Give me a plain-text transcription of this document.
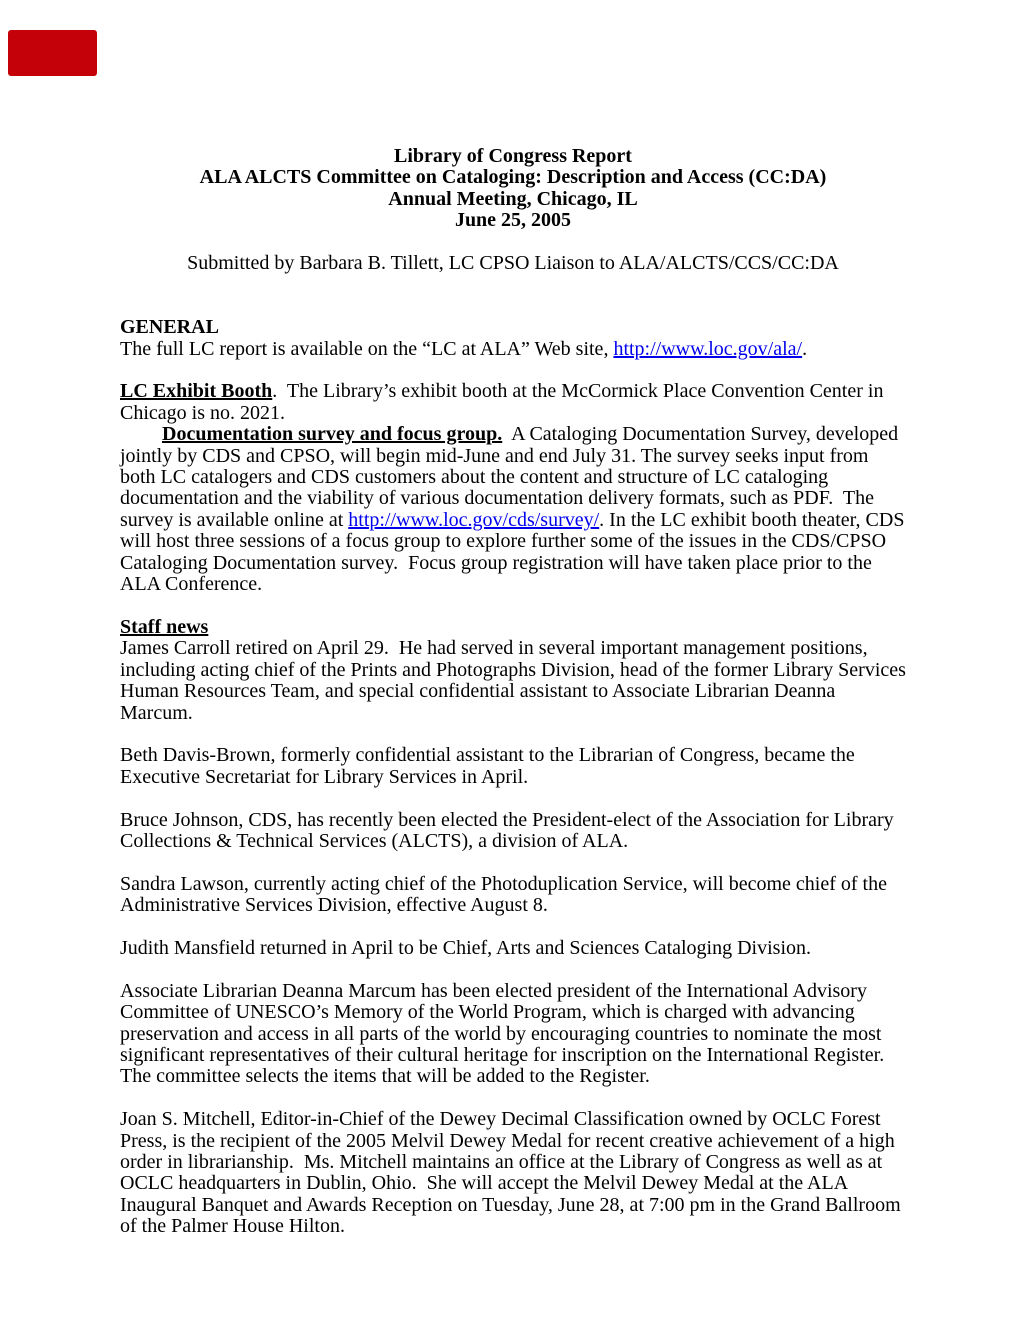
Library of Congress Report
ALA ALCTS Committee on Cataloging: Description and Access (CC:DA)
Annual Meeting, Chicago, IL
June 25, 2005
Submitted by Barbara B. Tillett, LC CPSO Liaison to ALA/ALCTS/CCS/CC:DA
GENERAL
The full LC report is available on the “LC at ALA” Web site, http://www.loc.gov/ala/.
LC Exhibit Booth.  The Library’s exhibit booth at the McCormick Place Convention Center in Chicago is no. 2021.
Documentation survey and focus group.  A Cataloging Documentation Survey, developed jointly by CDS and CPSO, will begin mid-June and end July 31. The survey seeks input from both LC catalogers and CDS customers about the content and structure of LC cataloging documentation and the viability of various documentation delivery formats, such as PDF.  The survey is available online at http://www.loc.gov/cds/survey/. In the LC exhibit booth theater, CDS will host three sessions of a focus group to explore further some of the issues in the CDS/CPSO Cataloging Documentation survey.  Focus group registration will have taken place prior to the ALA Conference.
Staff news
James Carroll retired on April 29.  He had served in several important management positions, including acting chief of the Prints and Photographs Division, head of the former Library Services Human Resources Team, and special confidential assistant to Associate Librarian Deanna Marcum.
Beth Davis-Brown, formerly confidential assistant to the Librarian of Congress, became the Executive Secretariat for Library Services in April.
Bruce Johnson, CDS, has recently been elected the President-elect of the Association for Library Collections & Technical Services (ALCTS), a division of ALA.
Sandra Lawson, currently acting chief of the Photoduplication Service, will become chief of the Administrative Services Division, effective August 8.
Judith Mansfield returned in April to be Chief, Arts and Sciences Cataloging Division.
Associate Librarian Deanna Marcum has been elected president of the International Advisory Committee of UNESCO’s Memory of the World Program, which is charged with advancing preservation and access in all parts of the world by encouraging countries to nominate the most significant representatives of their cultural heritage for inscription on the International Register.  The committee selects the items that will be added to the Register.
Joan S. Mitchell, Editor-in-Chief of the Dewey Decimal Classification owned by OCLC Forest Press, is the recipient of the 2005 Melvil Dewey Medal for recent creative achievement of a high order in librarianship.  Ms. Mitchell maintains an office at the Library of Congress as well as at OCLC headquarters in Dublin, Ohio.  She will accept the Melvil Dewey Medal at the ALA Inaugural Banquet and Awards Reception on Tuesday, June 28, at 7:00 pm in the Grand Ballroom of the Palmer House Hilton.
